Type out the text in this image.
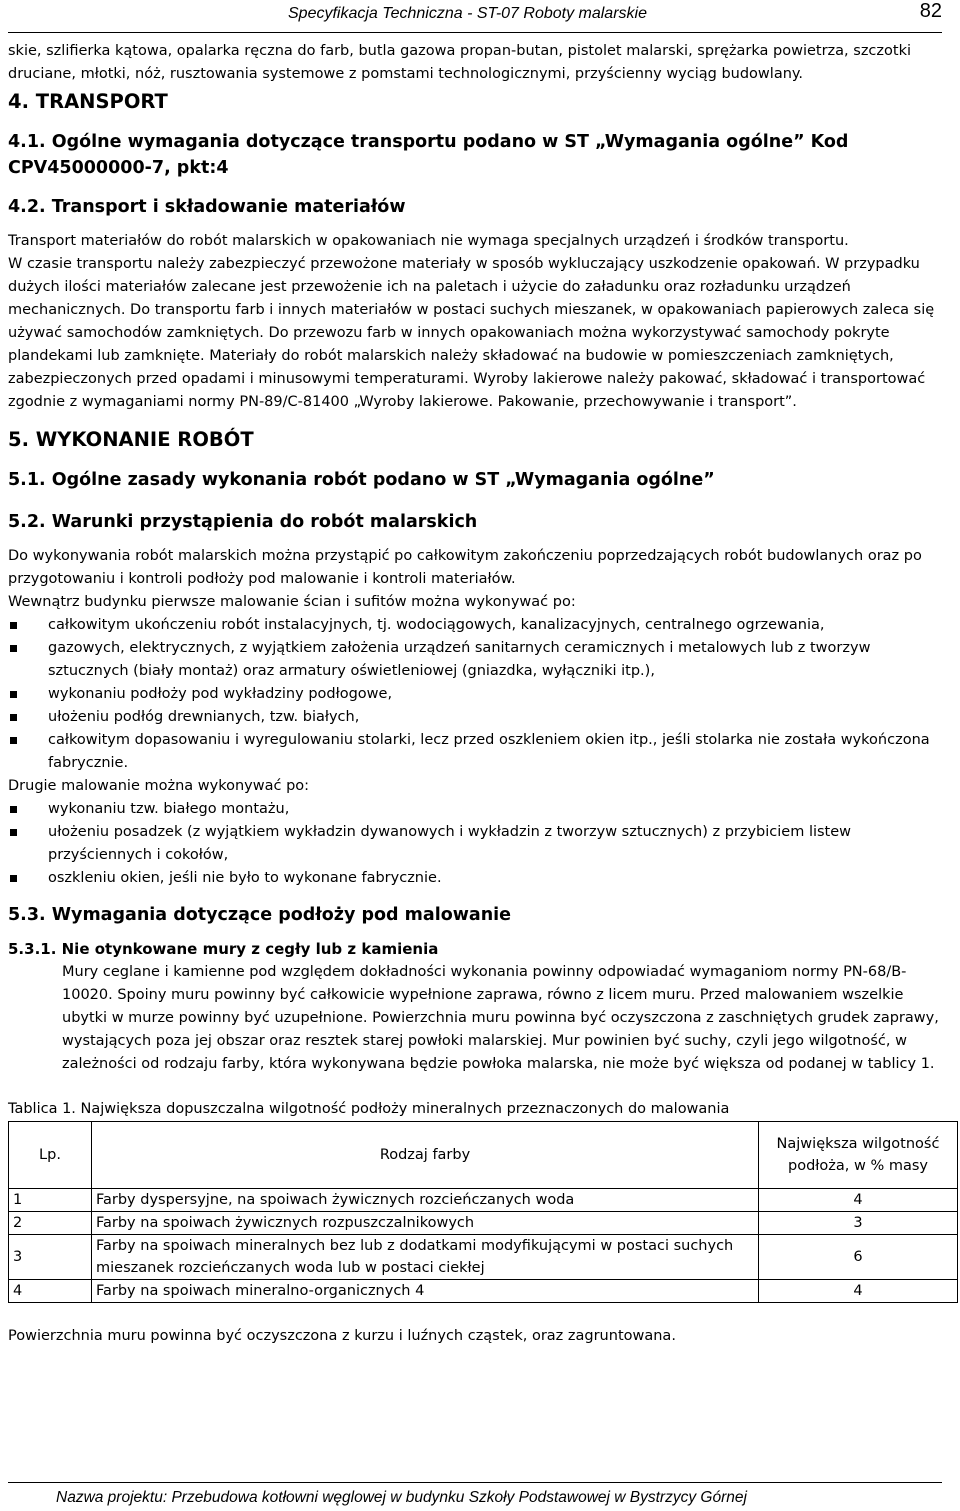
Specyfikacja Techniczna - ST-07 Roboty malarskie	82

skie, szlifierka kątowa, opalarka ręczna do farb, butla gazowa propan-butan, pistolet malarski, sprężarka powietrza, szczotki druciane, młotki, nóż, rusztowania systemowe z pomstami technologicznymi, przyścienny wyciąg budowlany.

4. TRANSPORT
4.1. Ogólne wymagania dotyczące transportu podano w ST „Wymagania ogólne” Kod CPV45000000-7, pkt:4
4.2. Transport i składowanie materiałów

Transport materiałów do robót malarskich w opakowaniach nie wymaga specjalnych urządzeń i środków transportu.

W czasie transportu należy zabezpieczyć przewożone materiały w sposób wykluczający uszkodzenie opakowań. W przypadku dużych ilości materiałów zalecane jest przewożenie ich na paletach i użycie do załadunku oraz rozładunku urządzeń mechanicznych. Do transportu farb i innych materiałów w postaci suchych mieszanek, w opakowaniach papierowych zaleca się używać samochodów zamkniętych. Do przewozu farb w innych opakowaniach można wykorzystywać samochody pokryte plandekami lub zamknięte. Materiały do robót malarskich należy składować na budowie w pomieszczeniach zamkniętych, zabezpieczonych przed opadami i minusowymi temperaturami. Wyroby lakierowe należy pakować, składować i transportować zgodnie z wymaganiami normy PN-89/C-81400 „Wyroby lakierowe. Pakowanie, przechowywanie i transport”.

5. WYKONANIE ROBÓT
5.1. Ogólne zasady wykonania robót podano w ST „Wymagania ogólne”
5.2. Warunki przystąpienia do robót malarskich

Do wykonywania robót malarskich można przystąpić po całkowitym zakończeniu poprzedzających robót budowlanych oraz po przygotowaniu i kontroli podłoży pod malowanie i kontroli materiałów.

Wewnątrz budynku pierwsze malowanie ścian i sufitów można wykonywać po:

całkowitym ukończeniu robót instalacyjnych, tj. wodociągowych, kanalizacyjnych, centralnego ogrzewania,
gazowych, elektrycznych, z wyjątkiem założenia urządzeń sanitarnych ceramicznych i metalowych lub z tworzyw sztucznych (biały montaż) oraz armatury oświetleniowej (gniazdka, wyłączniki itp.),
wykonaniu podłoży pod wykładziny podłogowe,
ułożeniu podłóg drewnianych, tzw. białych,
całkowitym dopasowaniu i wyregulowaniu stolarki, lecz przed oszkleniem okien itp., jeśli stolarka nie została wykończona fabrycznie.

Drugie malowanie można wykonywać po:

wykonaniu tzw. białego montażu,
ułożeniu posadzek (z wyjątkiem wykładzin dywanowych i wykładzin z tworzyw sztucznych) z przybiciem listew przyściennych i cokołów,
oszkleniu okien, jeśli nie było to wykonane fabrycznie.
5.3. Wymagania dotyczące podłoży pod malowanie
5.3.1. Nie otynkowane mury z cegły lub z kamienia

Mury ceglane i kamienne pod względem dokładności wykonania powinny odpowiadać wymaganiom normy PN-68/B-10020. Spoiny muru powinny być całkowicie wypełnione zaprawa, równo z licem muru. Przed malowaniem wszelkie ubytki w murze powinny być uzupełnione. Powierzchnia muru powinna być oczyszczona z zaschniętych grudek zaprawy, wystających poza jej obszar oraz resztek starej powłoki malarskiej. Mur powinien być suchy, czyli jego wilgotność, w zależności od rodzaju farby, która wykonywana będzie powłoka malarska, nie może być większa od podanej w tablicy 1.

Tablica 1. Największa dopuszczalna wilgotność podłoży mineralnych przeznaczonych do malowania

Lp.	Rodzaj farby	Największa wilgotność podłoża, w % masy
1	Farby dyspersyjne, na spoiwach żywicznych rozcieńczanych woda	4
2	Farby na spoiwach żywicznych rozpuszczalnikowych	3
3	Farby na spoiwach mineralnych bez lub z dodatkami modyfikującymi w postaci suchych mieszanek rozcieńczanych woda lub w postaci ciekłej	6
4	Farby na spoiwach mineralno-organicznych 4	4

Powierzchnia muru powinna być oczyszczona z kurzu i luźnych cząstek, oraz zagruntowana.

Nazwa projektu: Przebudowa kotłowni węglowej w budynku Szkoły Podstawowej w Bystrzycy Górnej
